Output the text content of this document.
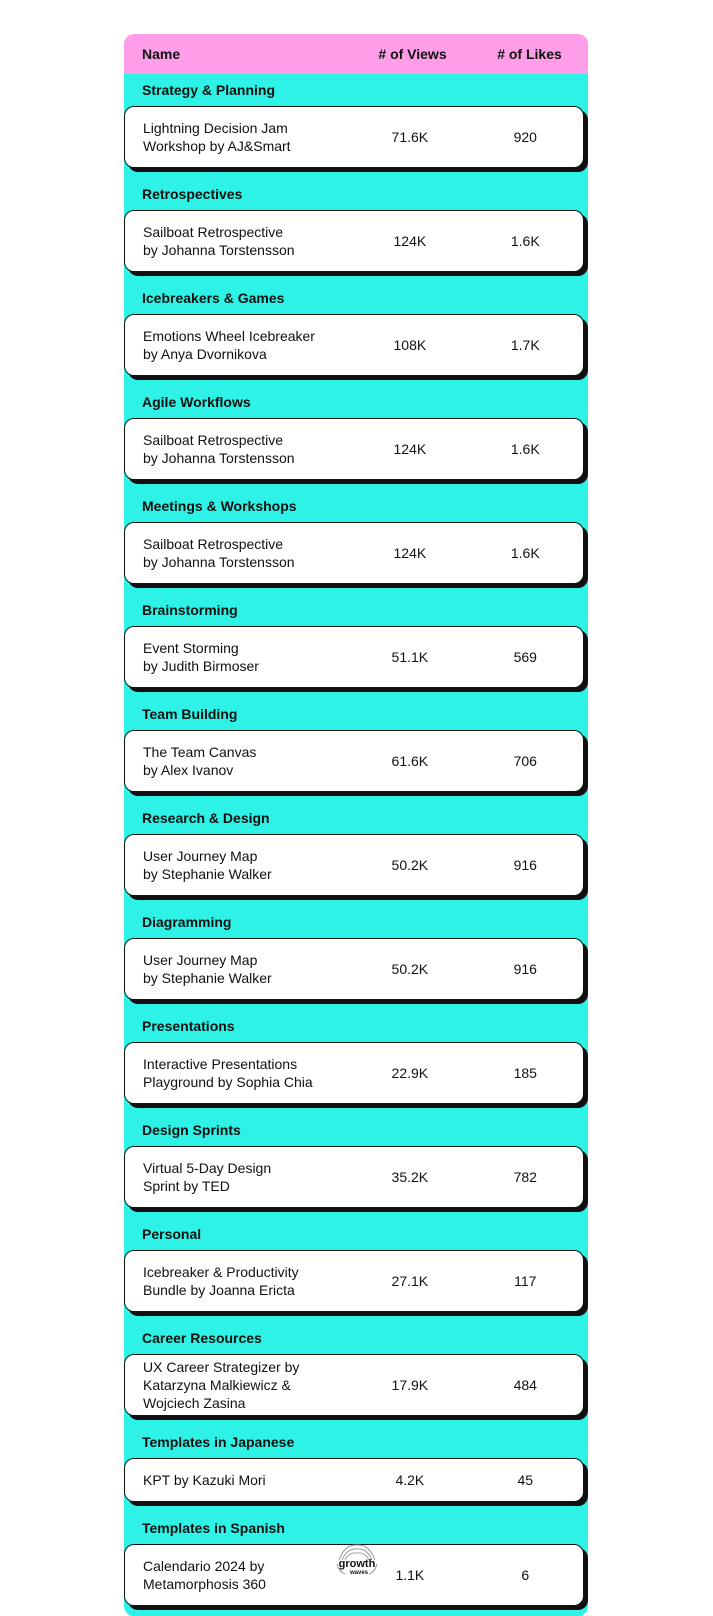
Name	# of Views	# of Likes
Strategy & Planning
Lightning Decision Jam
Workshop by AJ&Smart
71.6K	920
Retrospectives
Sailboat Retrospective
by Johanna Torstensson
124K	1.6K
Icebreakers & Games
Emotions Wheel Icebreaker
by Anya Dvornikova
108K	1.7K
Agile Workflows
Sailboat Retrospective
by Johanna Torstensson
124K	1.6K
Meetings & Workshops
Sailboat Retrospective
by Johanna Torstensson
124K	1.6K
Brainstorming
Event Storming
by Judith Birmoser
51.1K	569
Team Building
The Team Canvas
by Alex Ivanov
61.6K	706
Research & Design
User Journey Map
by Stephanie Walker
50.2K	916
Diagramming
User Journey Map
by Stephanie Walker
50.2K	916
Presentations
Interactive Presentations
Playground by Sophia Chia
22.9K	185
Design Sprints
Virtual 5-Day Design
Sprint by TED
35.2K	782
Personal
Icebreaker & Productivity
Bundle by Joanna Ericta
27.1K	117
Career Resources
UX Career Strategizer by
Katarzyna Malkiewicz &
Wojciech Zasina
17.9K	484
Templates in Japanese
KPT by Kazuki Mori	4.2K	45
Templates in Spanish
Calendario 2024 by
Metamorphosis 360
1.1K	6
growth
waves
